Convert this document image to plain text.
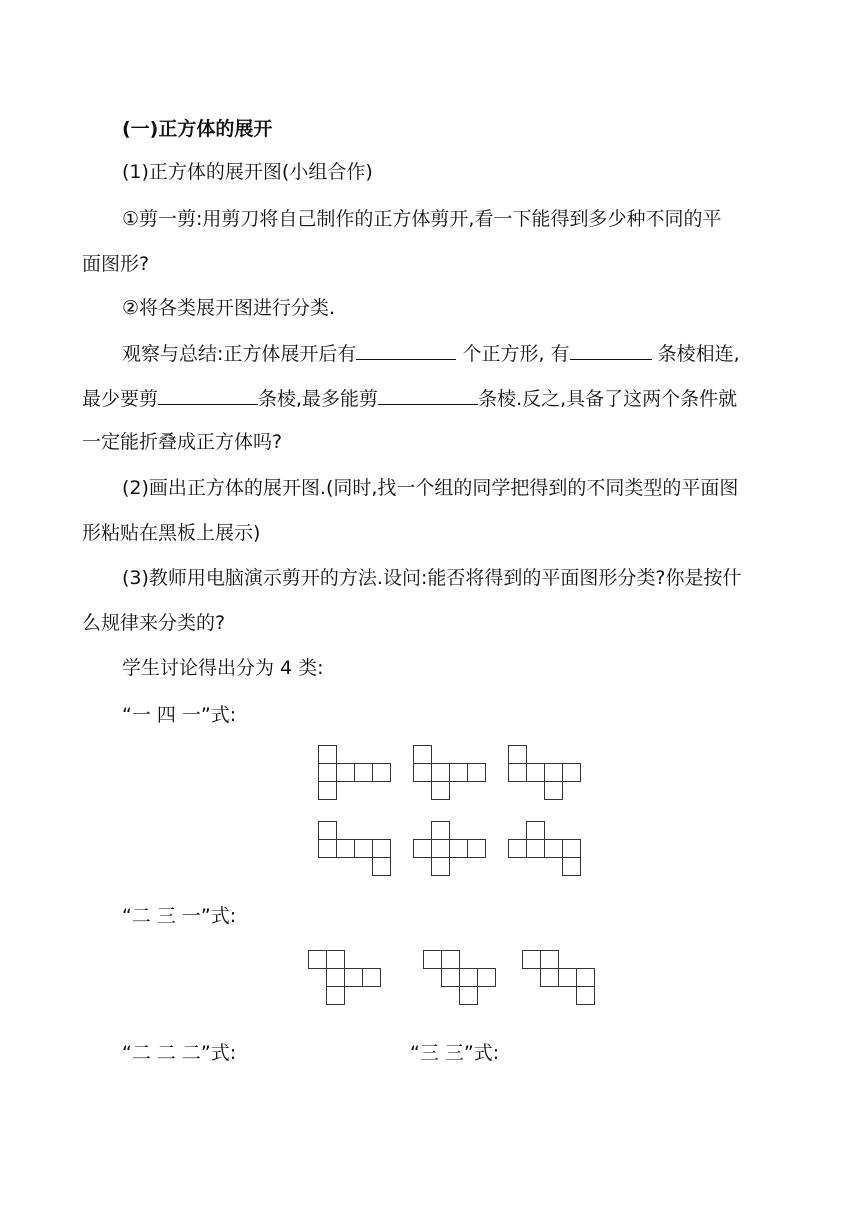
(一)正方体的展开
(1)正方体的展开图(小组合作)
①剪一剪:用剪刀将自己制作的正方体剪开,看一下能得到多少种不同的平
面图形?
②将各类展开图进行分类.
观察与总结:正方体展开后有	个正方形, 有	条棱相连,
最少要剪	条棱,最多能剪	条棱.反之,具备了这两个条件就
一定能折叠成正方体吗?
(2)画出正方体的展开图.(同时,找一个组的同学把得到的不同类型的平面图
形粘贴在黑板上展示)
(3)教师用电脑演示剪开的方法.设问:能否将得到的平面图形分类?你是按什
么规律来分类的?
学生讨论得出分为 4 类:
“一 四 一”式:
“二 三 一”式:
“二 二 二”式:	“三 三”式:
